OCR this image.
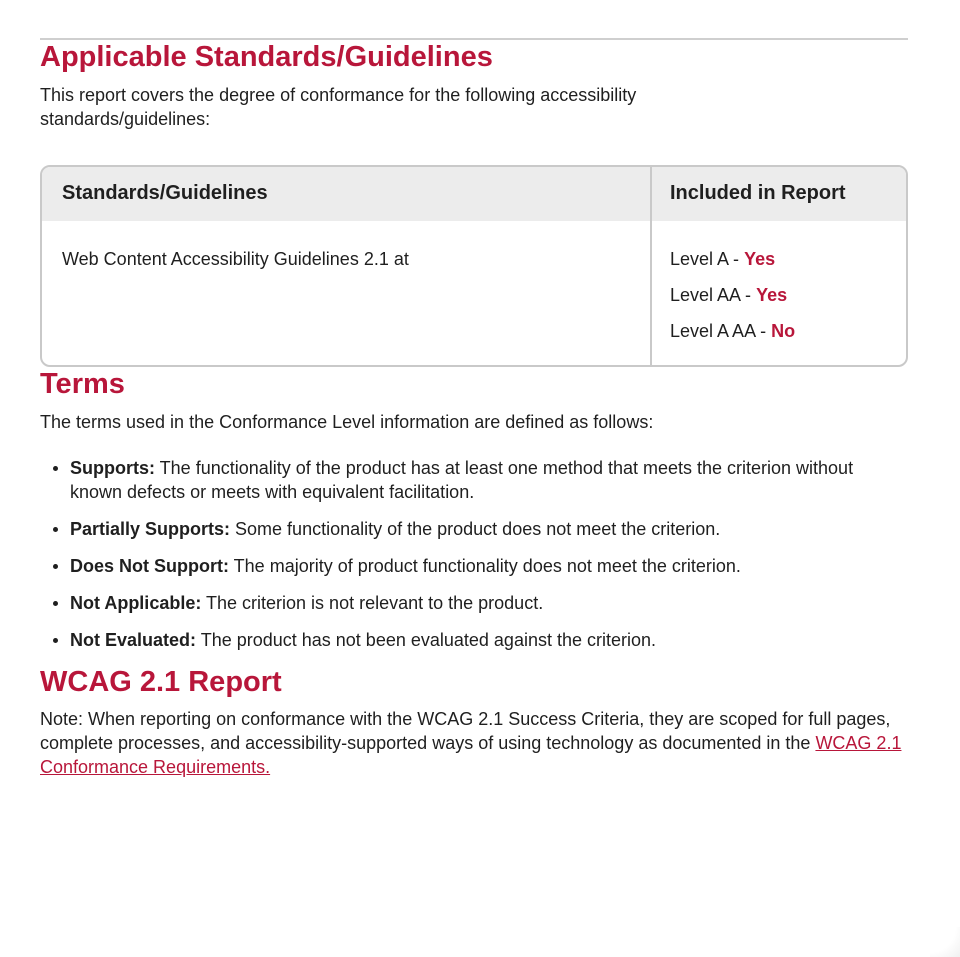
Applicable Standards/Guidelines

This report covers the degree of conformance for the following accessibility standards/guidelines:

Standards/Guidelines	Included in Report
Web Content Accessibility Guidelines 2.1 at	Level A - Yes
Level AA - Yes
Level A AA - No
Terms

The terms used in the Conformance Level information are defined as follows:

Supports: The functionality of the product has at least one method that meets the criterion without known defects or meets with equivalent facilitation.
Partially Supports: Some functionality of the product does not meet the criterion.
Does Not Support: The majority of product functionality does not meet the criterion.
Not Applicable: The criterion is not relevant to the product.
Not Evaluated: The product has not been evaluated against the criterion.
WCAG 2.1 Report

Note: When reporting on conformance with the WCAG 2.1 Success Criteria, they are scoped for full pages, complete processes, and accessibility-supported ways of using technology as documented in the WCAG 2.1 Conformance Requirements.
